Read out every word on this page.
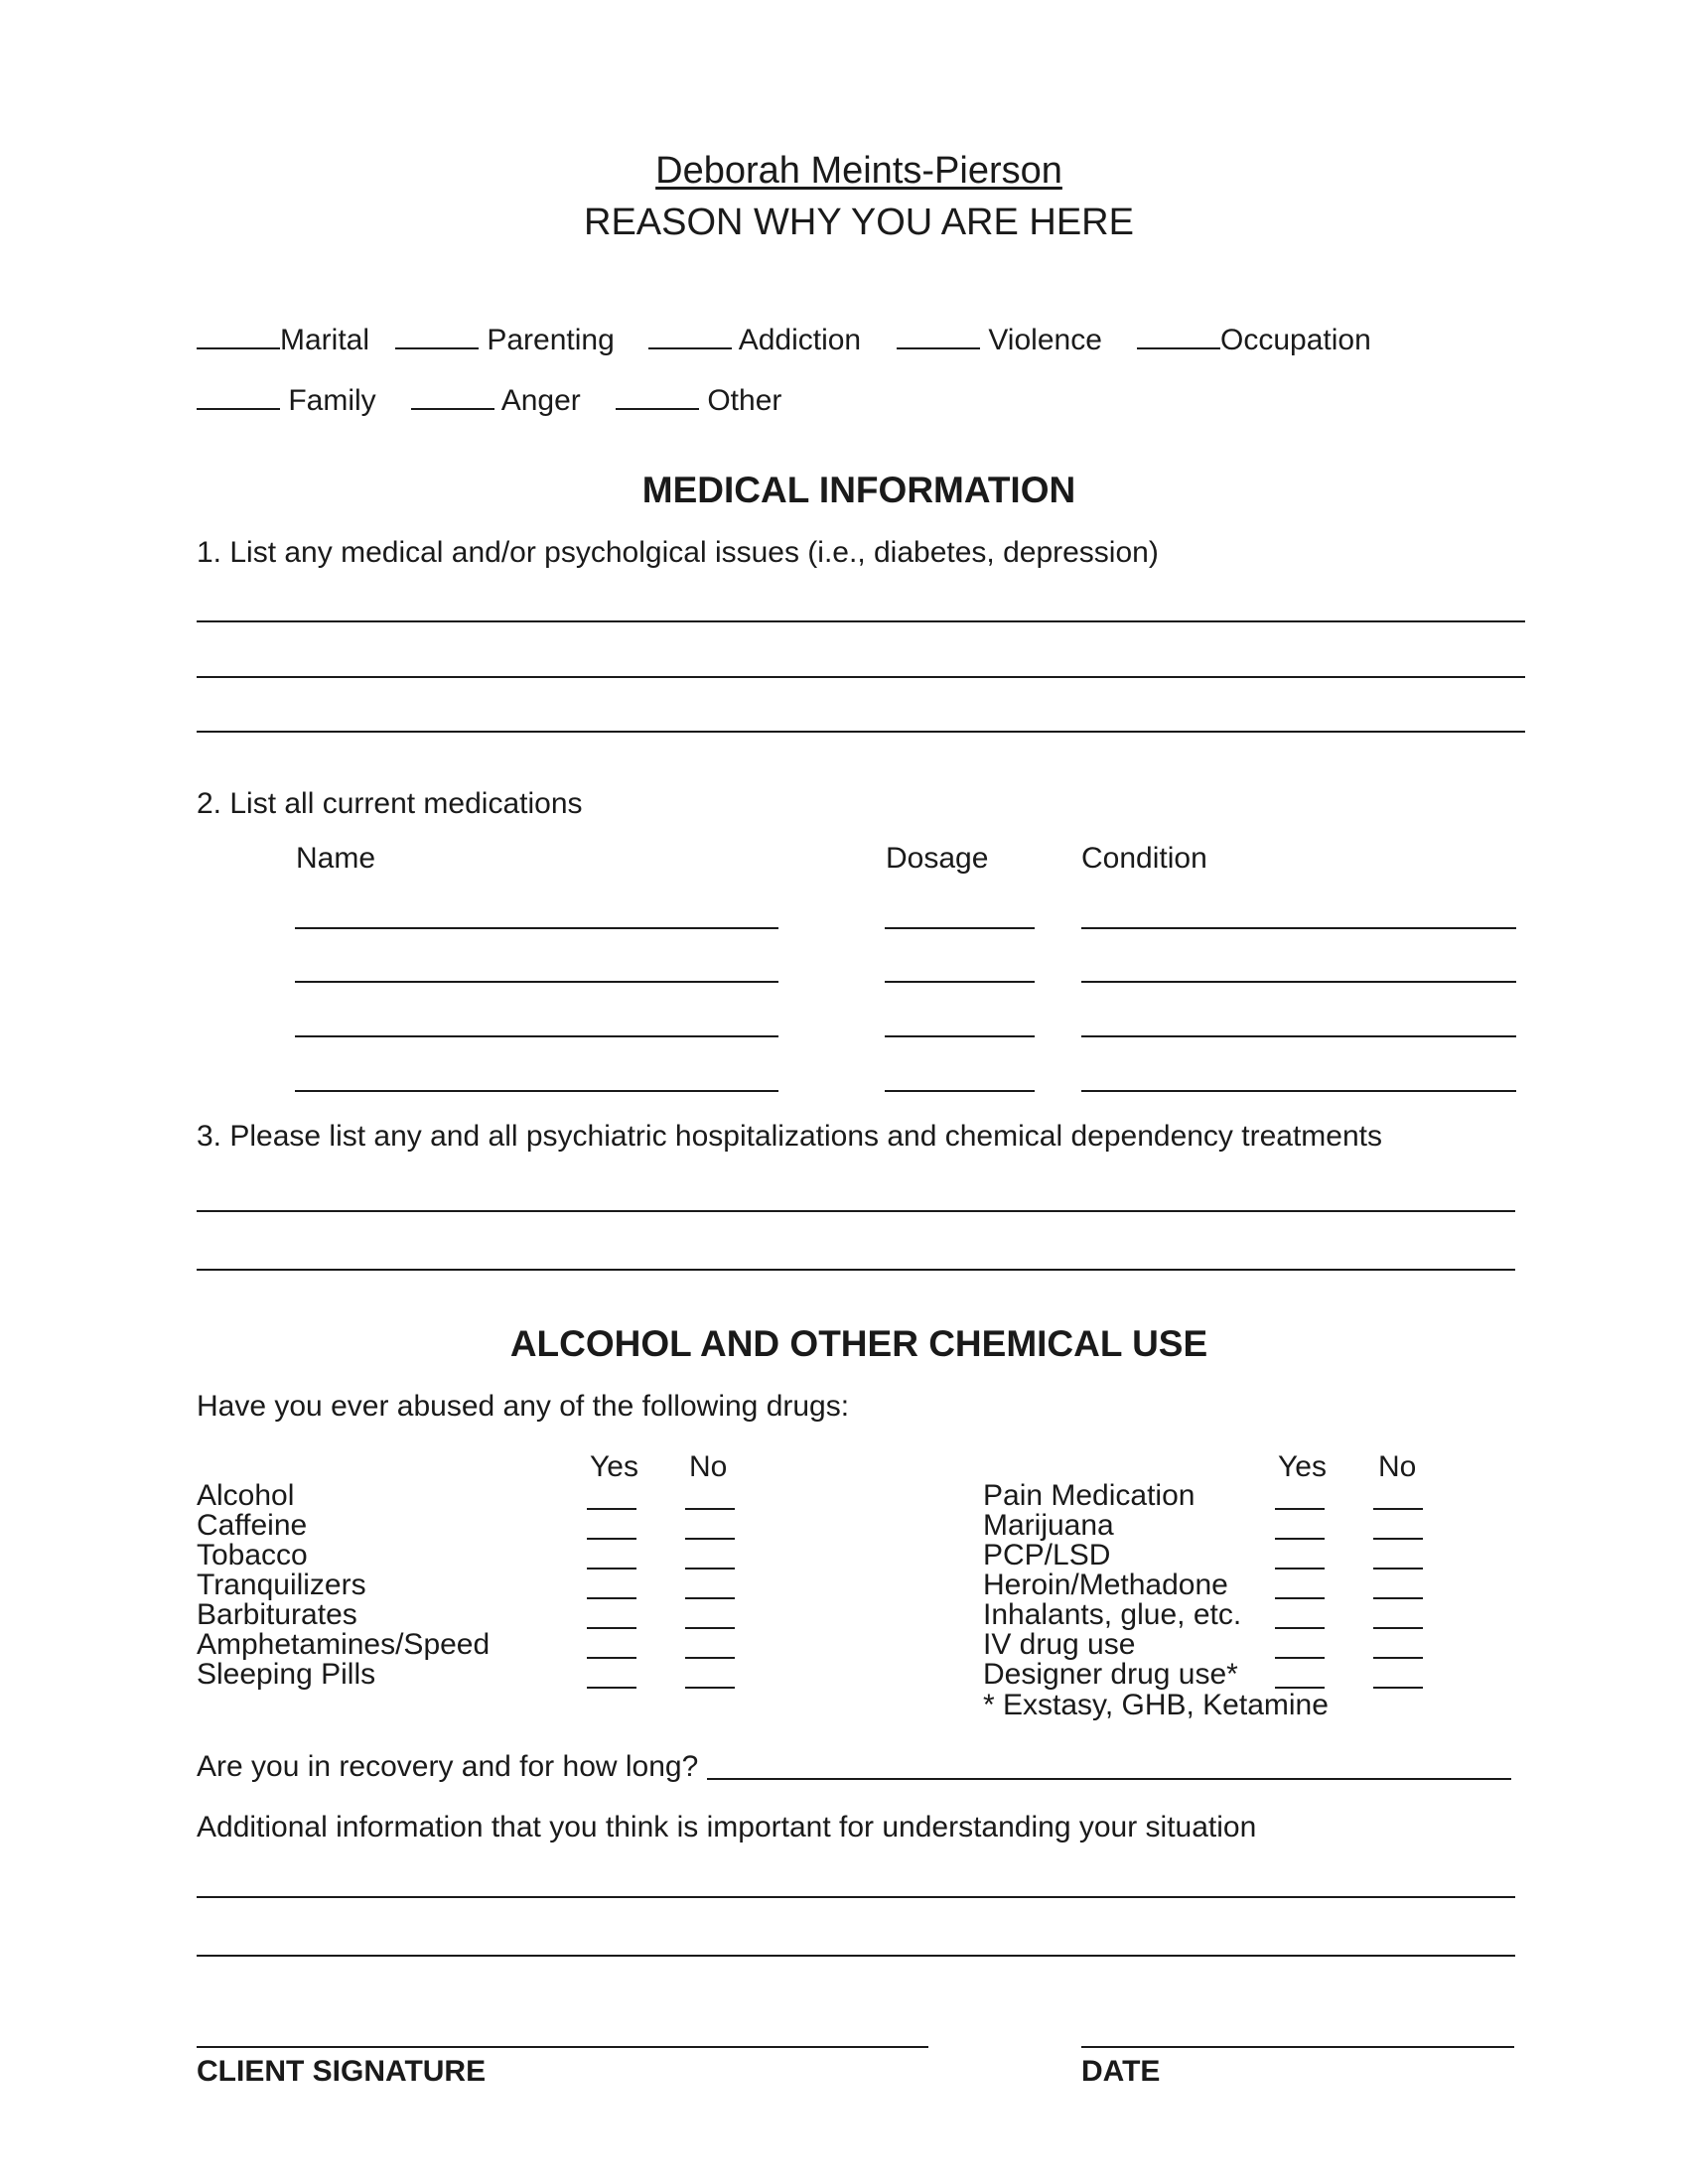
Deborah Meints-Pierson
REASON WHY YOU ARE HERE
Marital	Parenting	Addiction	Violence	Occupation
Family	Anger	Other
MEDICAL INFORMATION
1. List any medical and/or psycholgical issues (i.e., diabetes, depression)
2. List all current medications
Name	Dosage	Condition
3. Please list any and all psychiatric hospitalizations and chemical dependency treatments
ALCOHOL AND OTHER CHEMICAL USE
Have you ever abused any of the following drugs:
Yes No	Yes No
Alcohol
Caffeine
Tobacco
Tranquilizers
Barbiturates
Amphetamines/Speed
Sleeping Pills
Pain Medication
Marijuana
PCP/LSD
Heroin/Methadone
Inhalants, glue, etc.
IV drug use
Designer drug use*
* Exstasy, GHB, Ketamine
Are you in recovery and for how long?
Additional information that you think is important for understanding your situation
CLIENT SIGNATURE	DATE
